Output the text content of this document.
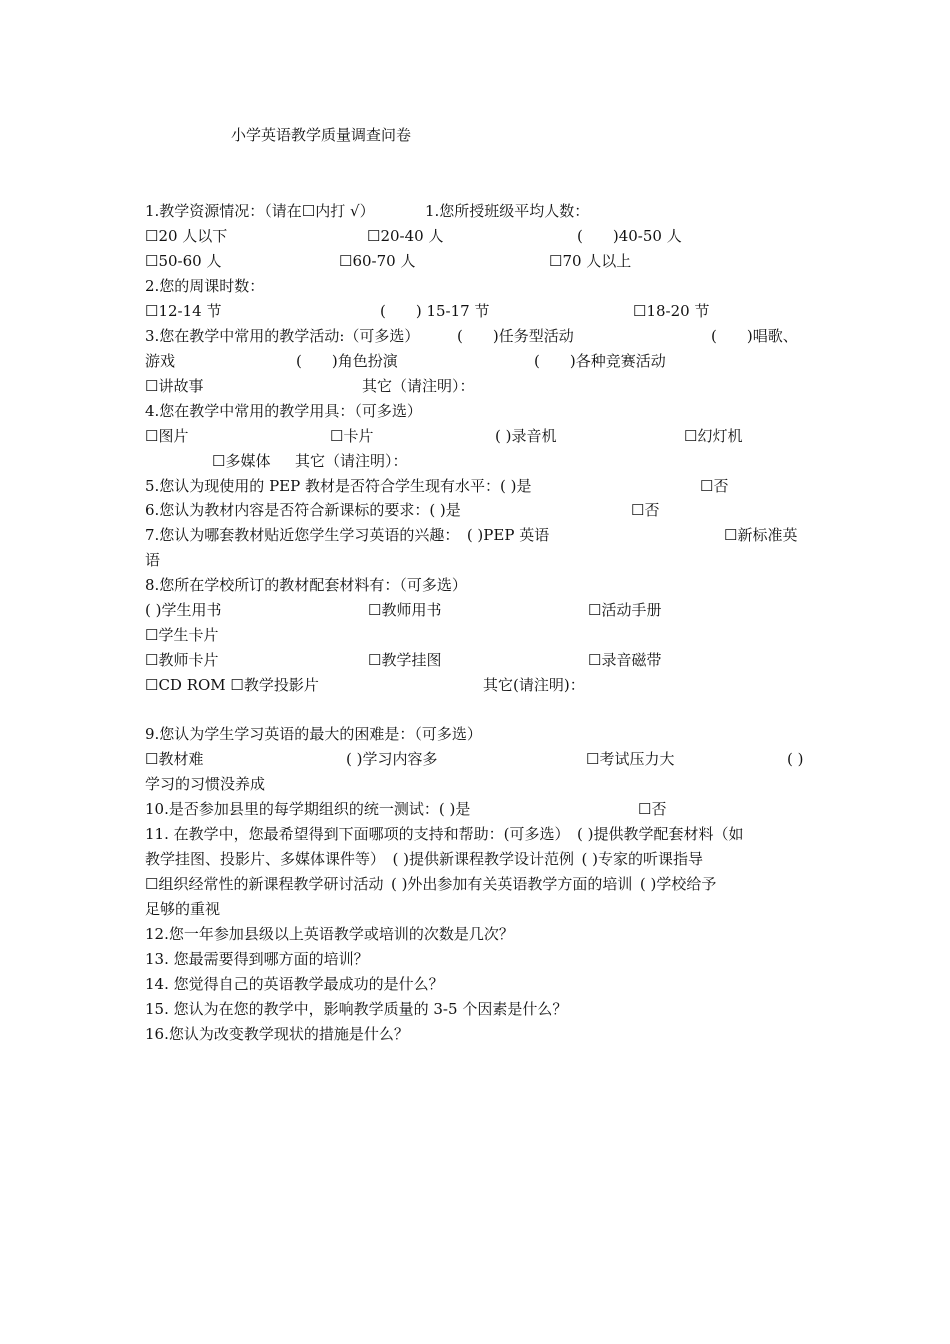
小学英语教学质量调查问卷
1.教学资源情况：（请在☐内打 √）	1.您所授班级平均人数：
☐20 人以下	☐20-40 人	(　　)40-50 人
☐50-60 人	☐60-70 人	☐70 人以上
2.您的周课时数：
☐12-14 节	(　　) 15-17 节	☐18-20 节
3.您在教学中常用的教学活动:（可多选）	(　　)任务型活动	(　　)唱歌、
游戏	(　　)角色扮演	(　　)各种竞赛活动
☐讲故事	其它（请注明）：
4.您在教学中常用的教学用具：（可多选）
☐图片	☐卡片	( )录音机	☐幻灯机
☐多媒体 其它（请注明）：
5.您认为现使用的 PEP 教材是否符合学生现有水平：( )是	☐否
6.您认为教材内容是否符合新课标的要求：( )是	☐否
7.您认为哪套教材贴近您学生学习英语的兴趣： ( )PEP 英语	☐新标准英
语
8.您所在学校所订的教材配套材料有：（可多选）
( )学生用书	☐教师用书	☐活动手册
☐学生卡片
☐教师卡片	☐教学挂图	☐录音磁带
☐CD ROM ☐教学投影片	其它(请注明)：
9.您认为学生学习英语的最大的困难是：（可多选）
☐教材难	( )学习内容多	☐考试压力大	( )
学习的习惯没养成
10.是否参加县里的每学期组织的统一测试：( )是	☐否
11. 在教学中，您最希望得到下面哪项的支持和帮助：(可多选） ( )提供教学配套材料（如
教学挂图、投影片、多媒体课件等） ( )提供新课程教学设计范例 ( )专家的听课指导
☐组织经常性的新课程教学研讨活动 ( )外出参加有关英语教学方面的培训 ( )学校给予
足够的重视
12.您一年参加县级以上英语教学或培训的次数是几次？
13. 您最需要得到哪方面的培训？
14. 您觉得自己的英语教学最成功的是什么？
15. 您认为在您的教学中，影响教学质量的 3-5 个因素是什么？
16.您认为改变教学现状的措施是什么？
